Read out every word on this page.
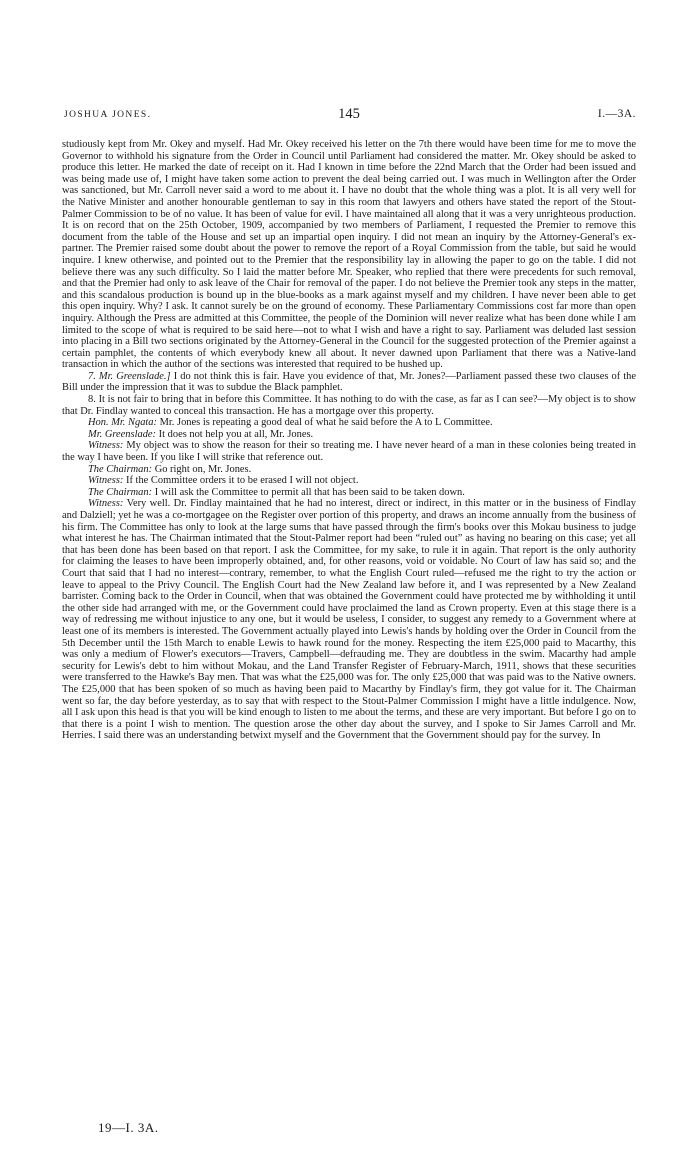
JOSHUA JONES.	145	I.—3A.

studiously kept from Mr. Okey and myself. Had Mr. Okey received his letter on the 7th there would have been time for me to move the Governor to withhold his signature from the Order in Council until Parliament had considered the matter. Mr. Okey should be asked to produce this letter. He marked the date of receipt on it. Had I known in time before the 22nd March that the Order had been issued and was being made use of, I might have taken some action to prevent the deal being carried out. I was much in Wellington after the Order was sanctioned, but Mr. Carroll never said a word to me about it. I have no doubt that the whole thing was a plot. It is all very well for the Native Minister and another honourable gentleman to say in this room that lawyers and others have stated the report of the Stout-Palmer Commission to be of no value. It has been of value for evil. I have maintained all along that it was a very unrighteous production. It is on record that on the 25th October, 1909, accompanied by two members of Parliament, I requested the Premier to remove this document from the table of the House and set up an impartial open inquiry. I did not mean an inquiry by the Attorney-General's ex-partner. The Premier raised some doubt about the power to remove the report of a Royal Commission from the table, but said he would inquire. I knew otherwise, and pointed out to the Premier that the responsibility lay in allowing the paper to go on the table. I did not believe there was any such difficulty. So I laid the matter before Mr. Speaker, who replied that there were precedents for such removal, and that the Premier had only to ask leave of the Chair for removal of the paper. I do not believe the Premier took any steps in the matter, and this scandalous production is bound up in the blue-books as a mark against myself and my children. I have never been able to get this open inquiry. Why? I ask. It cannot surely be on the ground of economy. These Parliamentary Commissions cost far more than open inquiry. Although the Press are admitted at this Committee, the people of the Dominion will never realize what has been done while I am limited to the scope of what is required to be said here—not to what I wish and have a right to say. Parliament was deluded last session into placing in a Bill two sections originated by the Attorney-General in the Council for the suggested protection of the Premier against a certain pamphlet, the contents of which everybody knew all about. It never dawned upon Parliament that there was a Native-land transaction in which the author of the sections was interested that required to be hushed up.

7. Mr. Greenslade.] I do not think this is fair. Have you evidence of that, Mr. Jones?—Parliament passed these two clauses of the Bill under the impression that it was to subdue the Black pamphlet.

8. It is not fair to bring that in before this Committee. It has nothing to do with the case, as far as I can see?—My object is to show that Dr. Findlay wanted to conceal this transaction. He has a mortgage over this property.

Hon. Mr. Ngata: Mr. Jones is repeating a good deal of what he said before the A to L Committee.

Mr. Greenslade: It does not help you at all, Mr. Jones.

Witness: My object was to show the reason for their so treating me. I have never heard of a man in these colonies being treated in the way I have been. If you like I will strike that reference out.

The Chairman: Go right on, Mr. Jones.

Witness: If the Committee orders it to be erased I will not object.

The Chairman: I will ask the Committee to permit all that has been said to be taken down.

Witness: Very well. Dr. Findlay maintained that he had no interest, direct or indirect, in this matter or in the business of Findlay and Dalziell; yet he was a co-mortgagee on the Register over portion of this property, and draws an income annually from the business of his firm. The Committee has only to look at the large sums that have passed through the firm's books over this Mokau business to judge what interest he has. The Chairman intimated that the Stout-Palmer report had been “ruled out” as having no bearing on this case; yet all that has been done has been based on that report. I ask the Committee, for my sake, to rule it in again. That report is the only authority for claiming the leases to have been improperly obtained, and, for other reasons, void or voidable. No Court of law has said so; and the Court that said that I had no interest—contrary, remember, to what the English Court ruled—refused me the right to try the action or leave to appeal to the Privy Council. The English Court had the New Zealand law before it, and I was represented by a New Zealand barrister. Coming back to the Order in Council, when that was obtained the Government could have protected me by withholding it until the other side had arranged with me, or the Government could have proclaimed the land as Crown property. Even at this stage there is a way of redressing me without injustice to any one, but it would be useless, I consider, to suggest any remedy to a Government where at least one of its members is interested. The Government actually played into Lewis's hands by holding over the Order in Council from the 5th December until the 15th March to enable Lewis to hawk round for the money. Respecting the item £25,000 paid to Macarthy, this was only a medium of Flower's executors—Travers, Campbell—defrauding me. They are doubtless in the swim. Macarthy had ample security for Lewis's debt to him without Mokau, and the Land Transfer Register of February-March, 1911, shows that these securities were transferred to the Hawke's Bay men. That was what the £25,000 was for. The only £25,000 that was paid was to the Native owners. The £25,000 that has been spoken of so much as having been paid to Macarthy by Findlay's firm, they got value for it. The Chairman went so far, the day before yesterday, as to say that with respect to the Stout-Palmer Commission I might have a little indulgence. Now, all I ask upon this head is that you will be kind enough to listen to me about the terms, and these are very important. But before I go on to that there is a point I wish to mention. The question arose the other day about the survey, and I spoke to Sir James Carroll and Mr. Herries. I said there was an understanding betwixt myself and the Government that the Government should pay for the survey. In

19—I. 3A.
